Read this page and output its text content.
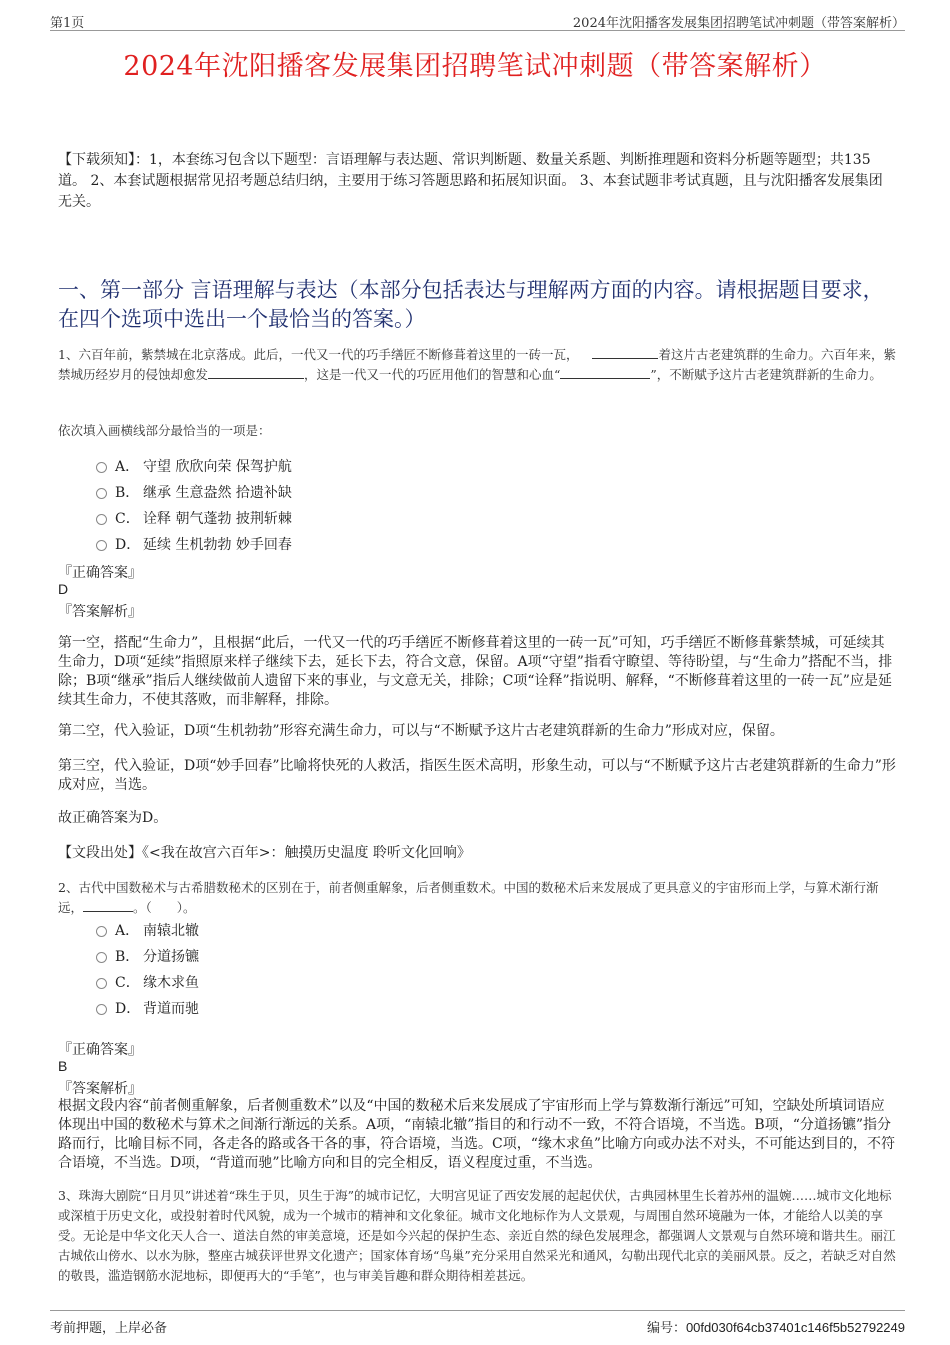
第1页	2024年沈阳播客发展集团招聘笔试冲刺题（带答案解析）
2024年沈阳播客发展集团招聘笔试冲刺题（带答案解析）
【下载须知】：1，本套练习包含以下题型：言语理解与表达题、常识判断题、数量关系题、判断推理题和资料分析题等题型；共135道。 2、本套试题根据常见招考题总结归纳，主要用于练习答题思路和拓展知识面。 3、本套试题非考试真题，且与沈阳播客发展集团无关。
一、第一部分 言语理解与表达（本部分包括表达与理解两方面的内容。请根据题目要求，在四个选项中选出一个最恰当的答案。）
1、六百年前，紫禁城在北京落成。此后，一代又一代的巧手缮匠不断修葺着这里的一砖一瓦，	着这片古老建筑群的生命力。六百年来，紫禁城历经岁月的侵蚀却愈发	，这是一代又一代的巧匠用他们的智慧和心血“	”，不断赋予这片古老建筑群新的生命力。
依次填入画横线部分最恰当的一项是：
A． 守望 欣欣向荣 保驾护航
B． 继承 生意盎然 拾遗补缺
C． 诠释 朝气蓬勃 披荆斩棘
D． 延续 生机勃勃 妙手回春
『正确答案』
D
『答案解析』
第一空，搭配“生命力”，且根据“此后，一代又一代的巧手缮匠不断修葺着这里的一砖一瓦”可知，巧手缮匠不断修葺紫禁城，可延续其生命力，D项“延续”指照原来样子继续下去，延长下去，符合文意，保留。A项“守望”指看守瞭望、等待盼望，与“生命力”搭配不当，排除；B项“继承”指后人继续做前人遗留下来的事业，与文意无关，排除；C项“诠释”指说明、解释，“不断修葺着这里的一砖一瓦”应是延续其生命力，不使其落败，而非解释，排除。
第二空，代入验证，D项“生机勃勃”形容充满生命力，可以与“不断赋予这片古老建筑群新的生命力”形成对应，保留。
第三空，代入验证，D项“妙手回春”比喻将快死的人救活，指医生医术高明，形象生动，可以与“不断赋予这片古老建筑群新的生命力”形成对应，当选。
故正确答案为D。
【文段出处】《<我在故宫六百年>：触摸历史温度 聆听文化回响》
2、古代中国数秘术与古希腊数秘术的区别在于，前者侧重解象，后者侧重数术。中国的数秘术后来发展成了更具意义的宇宙形而上学，与算术渐行渐远，	。（　　）。
A． 南辕北辙
B． 分道扬镳
C． 缘木求鱼
D． 背道而驰
『正确答案』
B
『答案解析』
根据文段内容“前者侧重解象，后者侧重数术”以及“中国的数秘术后来发展成了宇宙形而上学与算数渐行渐远”可知，空缺处所填词语应体现出中国的数秘术与算术之间渐行渐远的关系。A项，“南辕北辙”指目的和行动不一致，不符合语境，不当选。B项，“分道扬镳”指分路而行，比喻目标不同，各走各的路或各干各的事，符合语境，当选。C项，“缘木求鱼”比喻方向或办法不对头，不可能达到目的，不符合语境，不当选。D项，“背道而驰”比喻方向和目的完全相反，语义程度过重，不当选。
3、珠海大剧院“日月贝”讲述着“珠生于贝，贝生于海”的城市记忆，大明宫见证了西安发展的起起伏伏，古典园林里生长着苏州的温婉……城市文化地标或深植于历史文化，或投射着时代风貌，成为一个城市的精神和文化象征。城市文化地标作为人文景观，与周围自然环境融为一体，才能给人以美的享受。无论是中华文化天人合一、道法自然的审美意境，还是如今兴起的保护生态、亲近自然的绿色发展理念，都强调人文景观与自然环境和谐共生。丽江古城依山傍水、以水为脉，整座古城获评世界文化遗产；国家体育场“鸟巢”充分采用自然采光和通风，勾勒出现代北京的美丽风景。反之，若缺乏对自然的敬畏，滥造钢筋水泥地标，即便再大的“手笔”，也与审美旨趣和群众期待相差甚远。
考前押题，上岸必备	编号：00fd030f64cb37401c146f5b52792249
